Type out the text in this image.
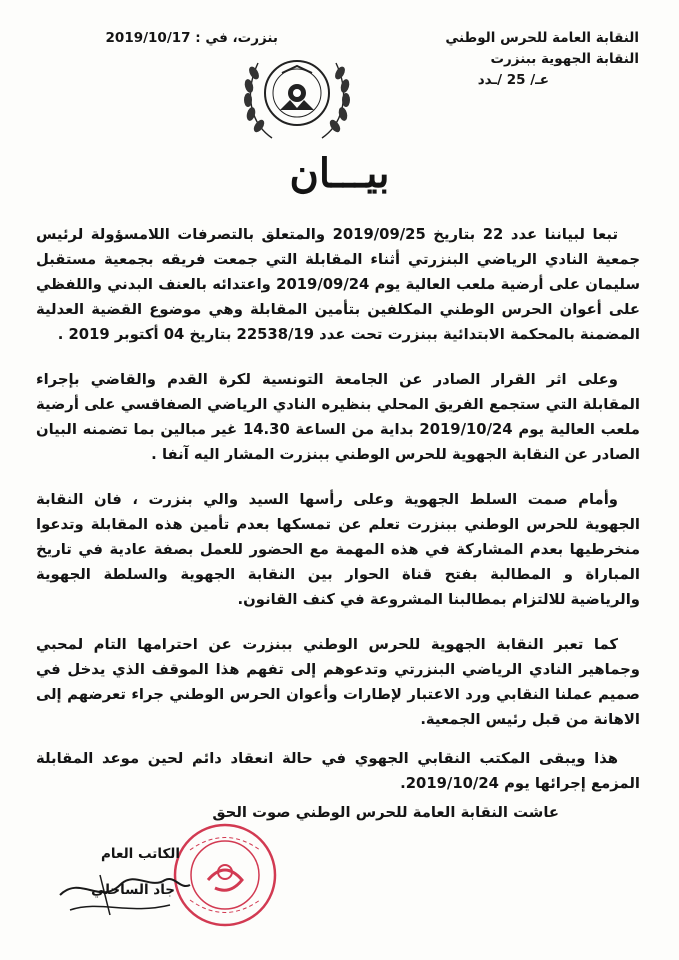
النقابة العامة للحرس الوطني
النقابة الجهوية ببنزرت
عـ/ 25 /ـدد
بنزرت، في : 2019/10/17
بيـــان

تبعا لبياننا عدد 22 بتاريخ 2019/09/25 والمتعلق بالتصرفات اللامسؤولة لرئيس جمعية النادي الرياضي البنزرتي أثناء المقابلة التي جمعت فريقه بجمعية مستقبل سليمان على أرضية ملعب العالية يوم 2019/09/24 واعتدائه بالعنف البدني واللفظي على أعوان الحرس الوطني المكلفين بتأمين المقابلة وهي موضوع القضية العدلية المضمنة بالمحكمة الابتدائية ببنزرت تحت عدد 22538/19 بتاريخ 04 أكتوبر 2019 .

وعلى اثر القرار الصادر عن الجامعة التونسية لكرة القدم والقاضي بإجراء المقابلة التي ستجمع الفريق المحلي بنظيره النادي الرياضي الصفاقسي على أرضية ملعب العالية يوم 2019/10/24 بداية من الساعة 14.30 غير مبالين بما تضمنه البيان الصادر عن النقابة الجهوية للحرس الوطني ببنزرت المشار اليه آنفا .

وأمام صمت السلط الجهوية وعلى رأسها السيد والي بنزرت ، فان النقابة الجهوية للحرس الوطني ببنزرت تعلم عن تمسكها بعدم تأمين هذه المقابلة وتدعوا منخرطيها بعدم المشاركة في هذه المهمة مع الحضور للعمل بصفة عادية في تاريخ المباراة و المطالبة بفتح قناة الحوار بين النقابة الجهوية والسلطة الجهوية والرياضية للالتزام بمطالبنا المشروعة في كنف القانون.

كما تعبر النقابة الجهوية للحرس الوطني ببنزرت عن احترامها التام لمحبي وجماهير النادي الرياضي البنزرتي وتدعوهم إلى تفهم هذا الموقف الذي يدخل في صميم عملنا النقابي ورد الاعتبار لإطارات وأعوان الحرس الوطني جراء تعرضهم إلى الاهانة من قبل رئيس الجمعية.

هذا ويبقى المكتب النقابي الجهوي في حالة انعقاد دائم لحين موعد المقابلة المزمع إجرائها يوم 2019/10/24.

عاشت النقابة العامة للحرس الوطني صوت الحق
الكاتب العام
جاد الساحلي
